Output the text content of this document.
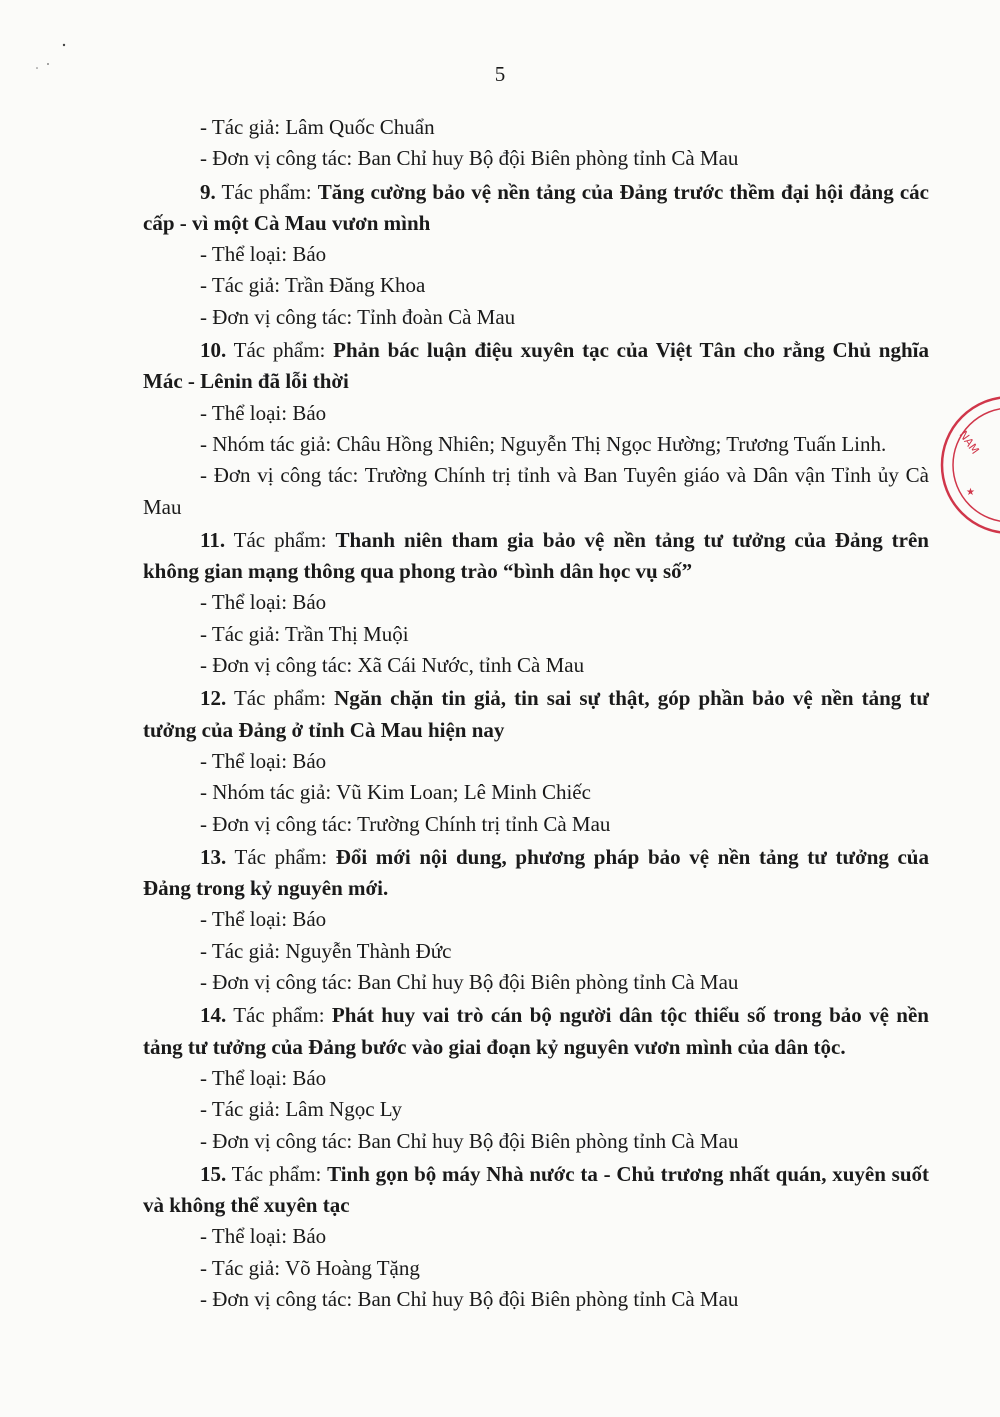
5
NAM
★
- Tác giả: Lâm Quốc Chuẩn
- Đơn vị công tác: Ban Chỉ huy Bộ đội Biên phòng tỉnh Cà Mau
9. Tác phẩm: Tăng cường bảo vệ nền tảng của Đảng trước thềm đại hội đảng các cấp - vì một Cà Mau vươn mình
- Thể loại: Báo
- Tác giả: Trần Đăng Khoa
- Đơn vị công tác: Tỉnh đoàn Cà Mau
10. Tác phẩm: Phản bác luận điệu xuyên tạc của Việt Tân cho rằng Chủ nghĩa Mác - Lênin đã lỗi thời
- Thể loại: Báo
- Nhóm tác giả: Châu Hồng Nhiên; Nguyễn Thị Ngọc Hường; Trương Tuấn Linh.
- Đơn vị công tác: Trường Chính trị tỉnh và Ban Tuyên giáo và Dân vận Tỉnh ủy Cà Mau
11. Tác phẩm: Thanh niên tham gia bảo vệ nền tảng tư tưởng của Đảng trên không gian mạng thông qua phong trào “bình dân học vụ số”
- Thể loại: Báo
- Tác giả: Trần Thị Muội
- Đơn vị công tác: Xã Cái Nước, tỉnh Cà Mau
12. Tác phẩm: Ngăn chặn tin giả, tin sai sự thật, góp phần bảo vệ nền tảng tư tưởng của Đảng ở tỉnh Cà Mau hiện nay
- Thể loại: Báo
- Nhóm tác giả: Vũ Kim Loan; Lê Minh Chiếc
- Đơn vị công tác: Trường Chính trị tỉnh Cà Mau
13. Tác phẩm: Đổi mới nội dung, phương pháp bảo vệ nền tảng tư tưởng của Đảng trong kỷ nguyên mới.
- Thể loại: Báo
- Tác giả: Nguyễn Thành Đức
- Đơn vị công tác: Ban Chỉ huy Bộ đội Biên phòng tỉnh Cà Mau
14. Tác phẩm: Phát huy vai trò cán bộ người dân tộc thiểu số trong bảo vệ nền tảng tư tưởng của Đảng bước vào giai đoạn kỷ nguyên vươn mình của dân tộc.
- Thể loại: Báo
- Tác giả: Lâm Ngọc Ly
- Đơn vị công tác: Ban Chỉ huy Bộ đội Biên phòng tỉnh Cà Mau
15. Tác phẩm: Tinh gọn bộ máy Nhà nước ta - Chủ trương nhất quán, xuyên suốt và không thể xuyên tạc
- Thể loại: Báo
- Tác giả: Võ Hoàng Tặng
- Đơn vị công tác: Ban Chỉ huy Bộ đội Biên phòng tỉnh Cà Mau
